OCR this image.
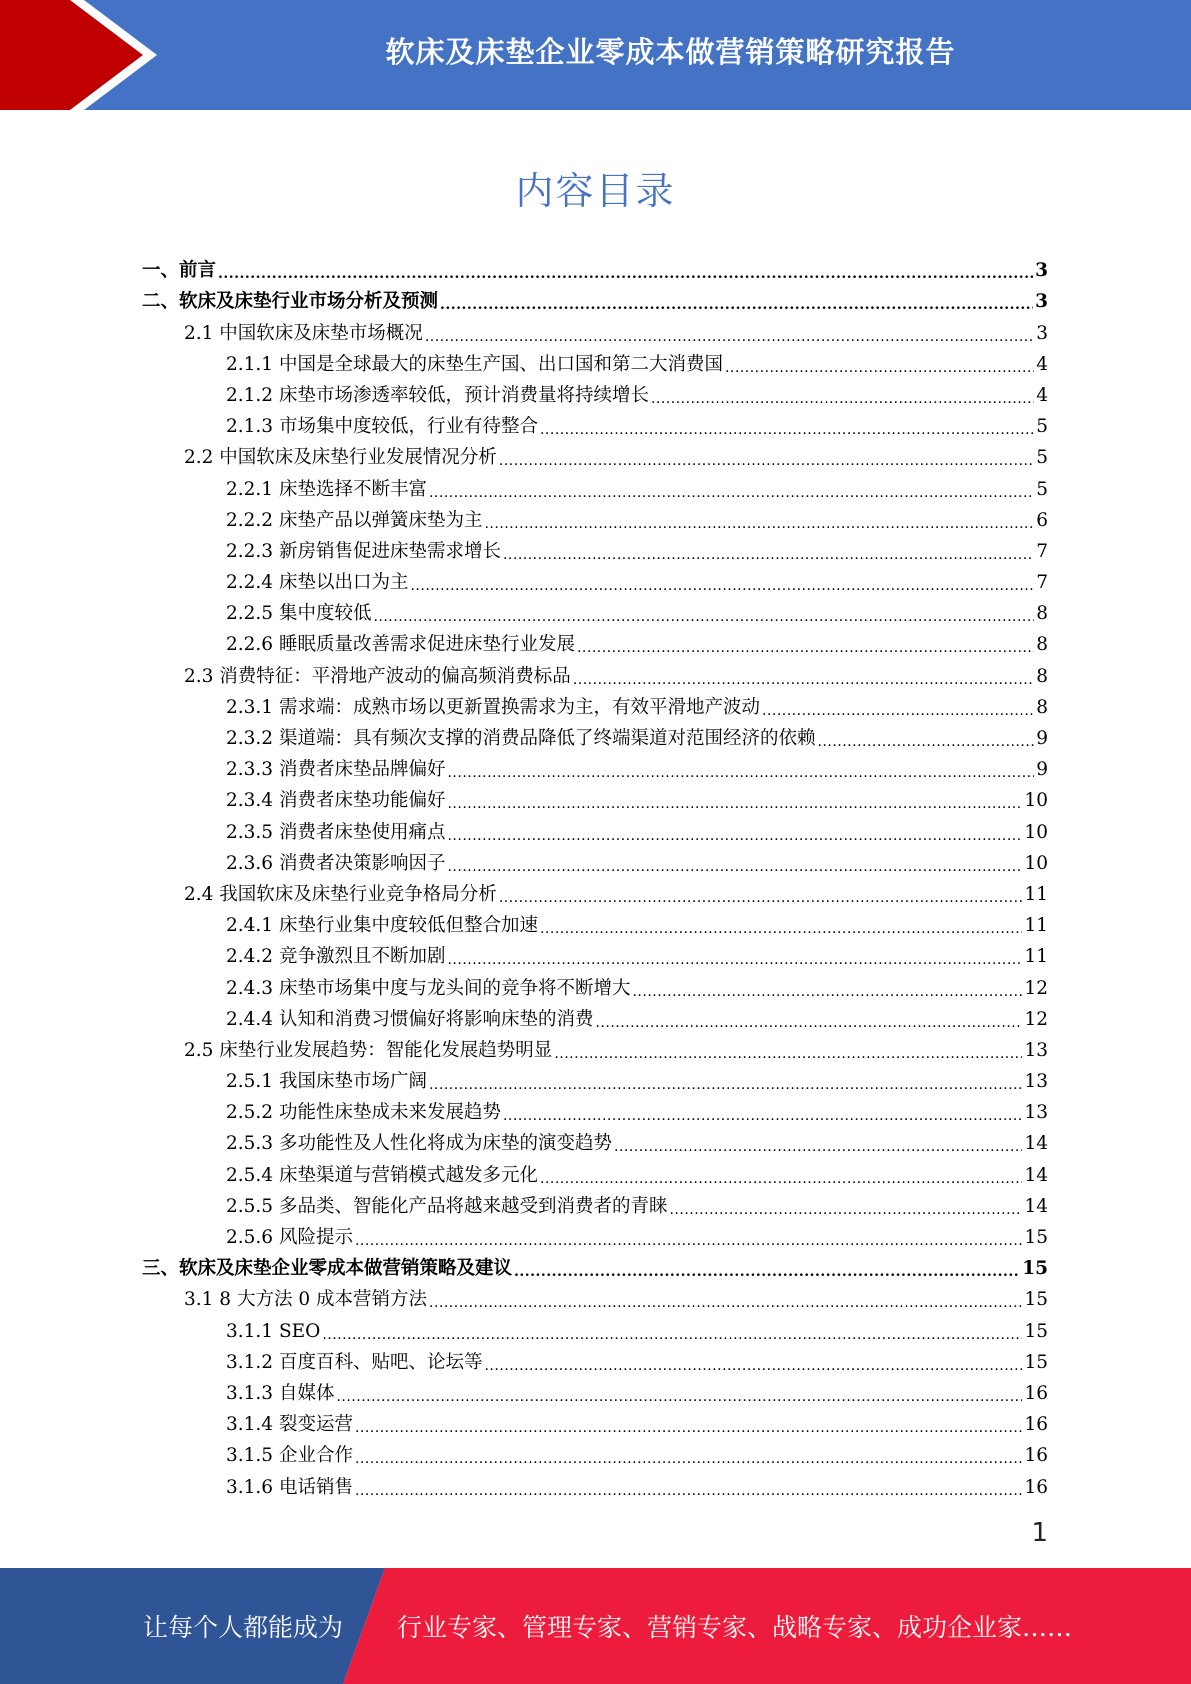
软床及床垫企业零成本做营销策略研究报告
内容目录
一、前言 .....	3
二、软床及床垫行业市场分析及预测 .....	3
2.1 中国软床及床垫市场概况 .....	3
2.1.1 中国是全球最大的床垫生产国、出口国和第二大消费国 .....	4
2.1.2 床垫市场渗透率较低，预计消费量将持续增长 .....	4
2.1.3 市场集中度较低，行业有待整合 .....	5
2.2 中国软床及床垫行业发展情况分析 .....	5
2.2.1 床垫选择不断丰富 .....	5
2.2.2 床垫产品以弹簧床垫为主 .....	6
2.2.3 新房销售促进床垫需求增长 .....	7
2.2.4 床垫以出口为主 .....	7
2.2.5 集中度较低 .....	8
2.2.6 睡眠质量改善需求促进床垫行业发展 .....	8
2.3 消费特征：平滑地产波动的偏高频消费标品 .....	8
2.3.1 需求端：成熟市场以更新置换需求为主，有效平滑地产波动 .....	8
2.3.2 渠道端：具有频次支撑的消费品降低了终端渠道对范围经济的依赖 .....	9
2.3.3 消费者床垫品牌偏好 .....	9
2.3.4 消费者床垫功能偏好 .....	10
2.3.5 消费者床垫使用痛点 .....	10
2.3.6 消费者决策影响因子 .....	10
2.4 我国软床及床垫行业竞争格局分析 .....	11
2.4.1 床垫行业集中度较低但整合加速 .....	11
2.4.2 竞争激烈且不断加剧 .....	11
2.4.3 床垫市场集中度与龙头间的竞争将不断增大 .....	12
2.4.4 认知和消费习惯偏好将影响床垫的消费 .....	12
2.5 床垫行业发展趋势：智能化发展趋势明显 .....	13
2.5.1 我国床垫市场广阔 .....	13
2.5.2 功能性床垫成未来发展趋势 .....	13
2.5.3 多功能性及人性化将成为床垫的演变趋势 .....	14
2.5.4 床垫渠道与营销模式越发多元化 .....	14
2.5.5 多品类、智能化产品将越来越受到消费者的青睐 .....	14
2.5.6 风险提示 .....	15
三、软床及床垫企业零成本做营销策略及建议 .....	15
3.1 8 大方法 0 成本营销方法 .....	15
3.1.1 SEO .....	15
3.1.2 百度百科、贴吧、论坛等 .....	15
3.1.3 自媒体 .....	16
3.1.4 裂变运营 .....	16
3.1.5 企业合作 .....	16
3.1.6 电话销售 .....	16
1
让每个人都能成为 行业专家、管理专家、营销专家、战略专家、成功企业家……
